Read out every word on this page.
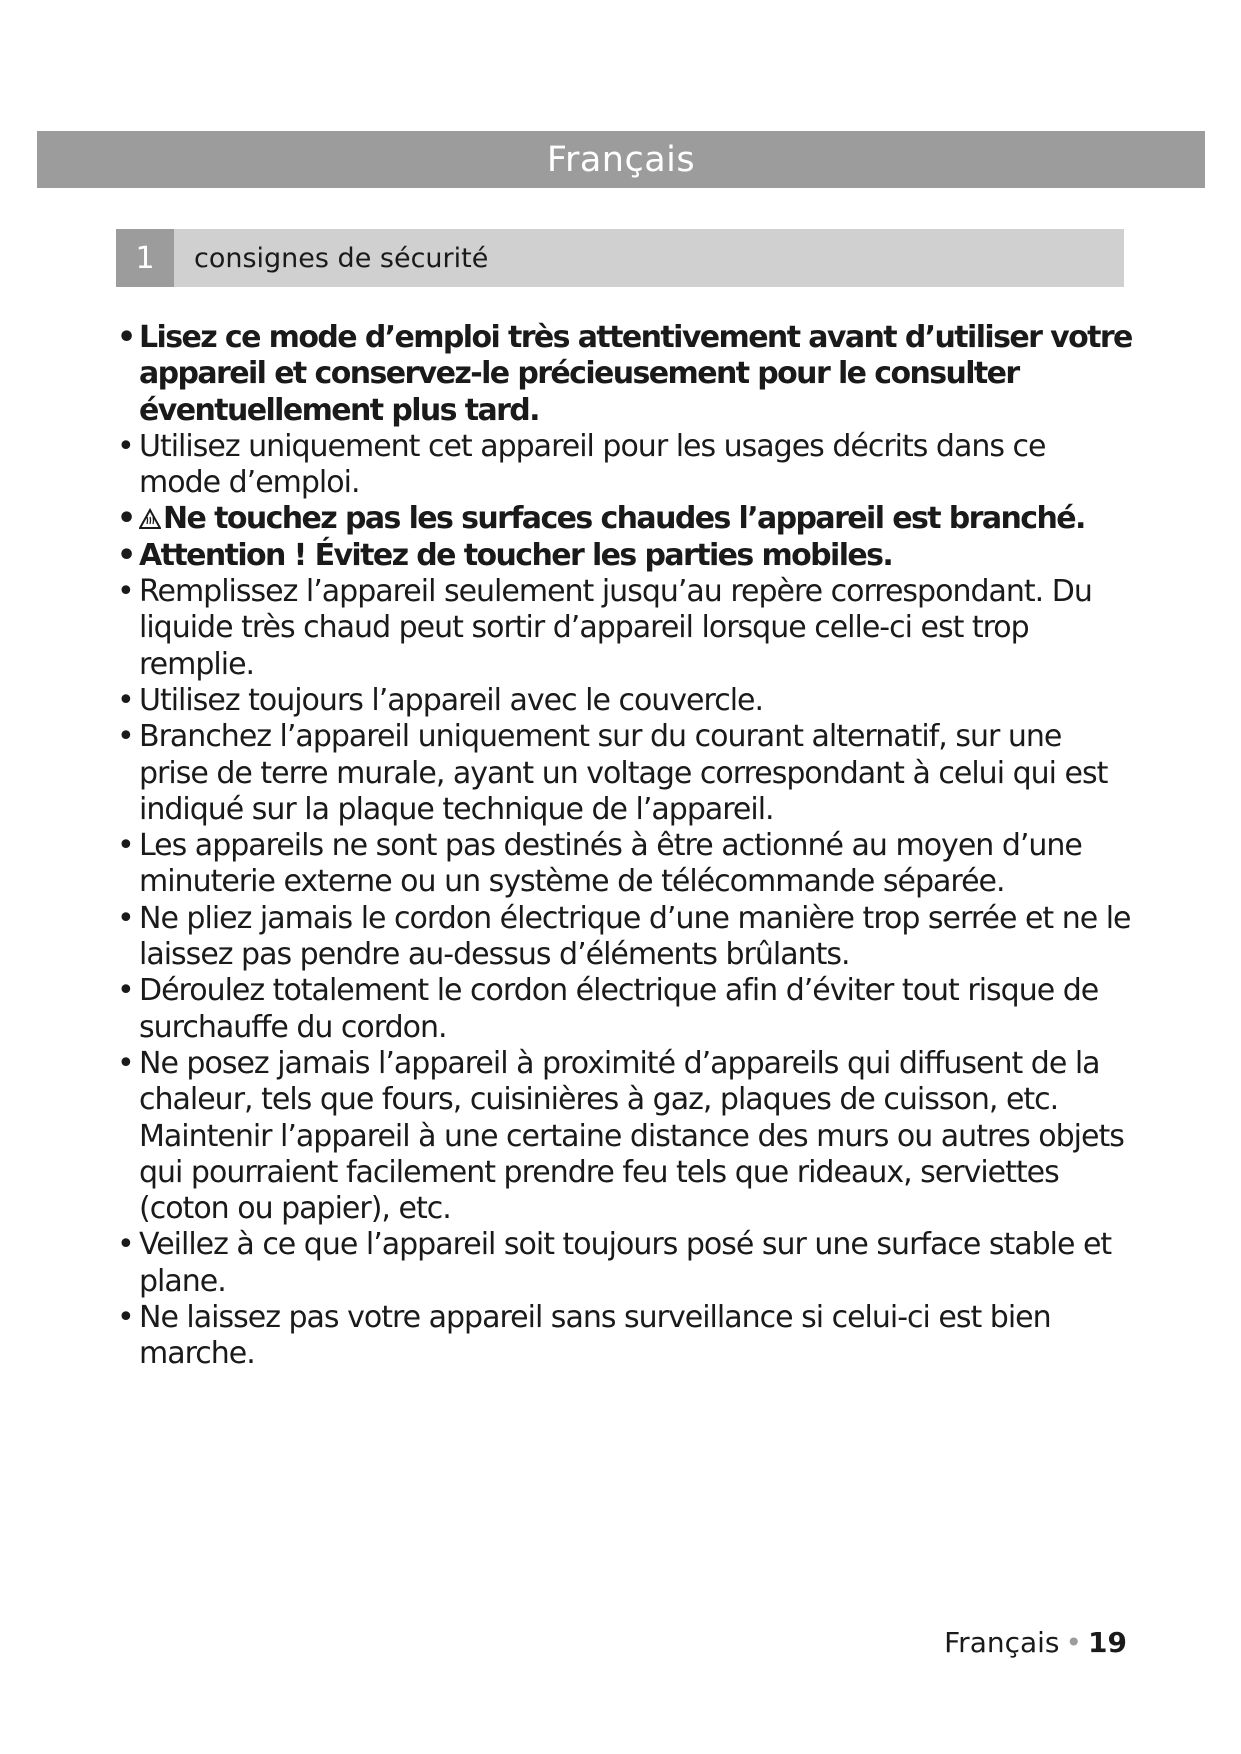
Français
1	consignes de sécurité
• Lisez ce mode d’emploi très attentivement avant d’utiliser votre appareil et conservez-le précieusement pour le consulter éventuellement plus tard.
• Utilisez uniquement cet appareil pour les usages décrits dans ce mode d’emploi.
• Ne touchez pas les surfaces chaudes l’appareil est branché.
• Attention ! Évitez de toucher les parties mobiles.
• Remplissez l’appareil seulement jusqu’au repère correspondant. Du liquide très chaud peut sortir d’appareil lorsque celle-ci est trop remplie.
• Utilisez toujours l’appareil avec le couvercle.
• Branchez l’appareil uniquement sur du courant alternatif, sur une prise de terre murale, ayant un voltage correspondant à celui qui est indiqué sur la plaque technique de l’appareil.
• Les appareils ne sont pas destinés à être actionné au moyen d’une minuterie externe ou un système de télécommande séparée.
• Ne pliez jamais le cordon électrique d’une manière trop serrée et ne le laissez pas pendre au-dessus d’éléments brûlants.
• Déroulez totalement le cordon électrique afin d’éviter tout risque de surchauffe du cordon.
• Ne posez jamais l’appareil à proximité d’appareils qui diffusent de la chaleur, tels que fours, cuisinières à gaz, plaques de cuisson, etc. Maintenir l’appareil à une certaine distance des murs ou autres objets qui pourraient facilement prendre feu tels que rideaux, serviettes (coton ou papier), etc.
• Veillez à ce que l’appareil soit toujours posé sur une surface stable et plane.
• Ne laissez pas votre appareil sans surveillance si celui-ci est bien marche.
Français • 19
